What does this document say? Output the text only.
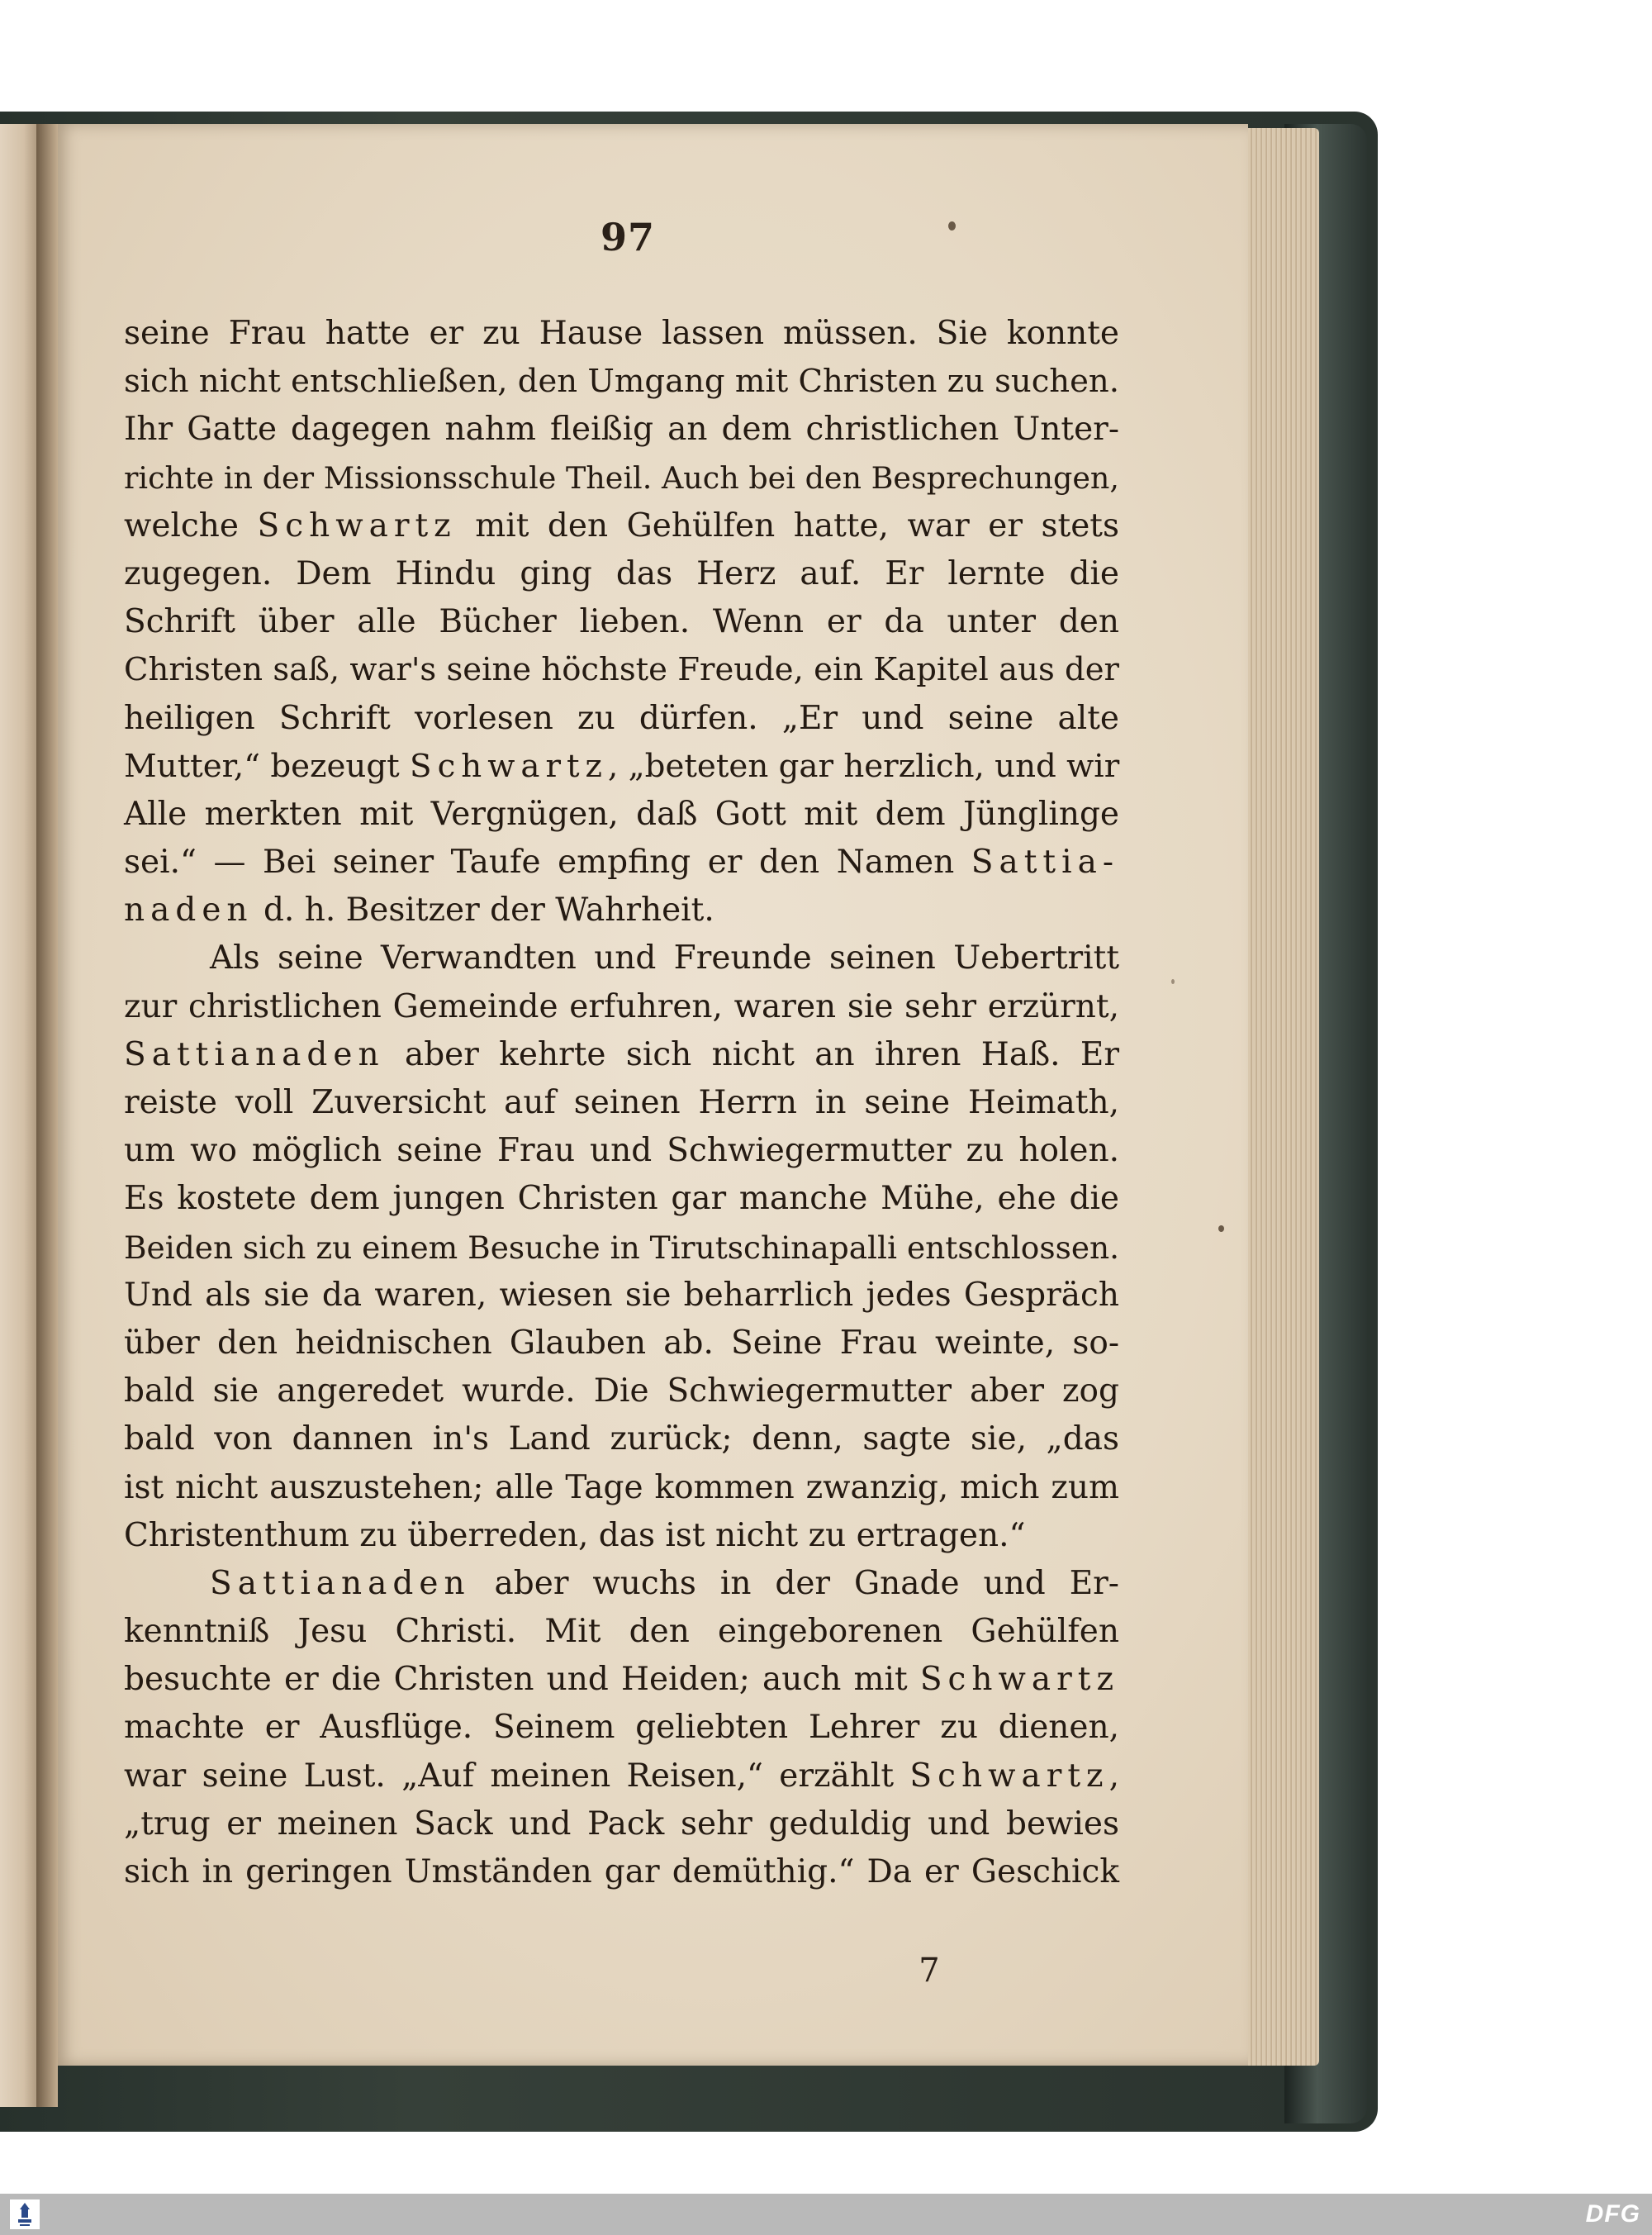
97
seine Frau hatte er zu Hause lassen müssen. Sie konnte
sich nicht entschließen, den Umgang mit Christen zu suchen.
Ihr Gatte dagegen nahm fleißig an dem christlichen Unter-
richte in der Missionsschule Theil. Auch bei den Besprechungen,
welche Schwartz mit den Gehülfen hatte, war er stets
zugegen. Dem Hindu ging das Herz auf. Er lernte die
Schrift über alle Bücher lieben. Wenn er da unter den
Christen saß, war's seine höchste Freude, ein Kapitel aus der
heiligen Schrift vorlesen zu dürfen. „Er und seine alte
Mutter,“ bezeugt Schwartz, „beteten gar herzlich, und wir
Alle merkten mit Vergnügen, daß Gott mit dem Jünglinge
sei.“ — Bei seiner Taufe empfing er den Namen Sattia-
naden d. h. Besitzer der Wahrheit.
Als seine Verwandten und Freunde seinen Uebertritt
zur christlichen Gemeinde erfuhren, waren sie sehr erzürnt,
Sattianaden aber kehrte sich nicht an ihren Haß. Er
reiste voll Zuversicht auf seinen Herrn in seine Heimath,
um wo möglich seine Frau und Schwiegermutter zu holen.
Es kostete dem jungen Christen gar manche Mühe, ehe die
Beiden sich zu einem Besuche in Tirutschinapalli entschlossen.
Und als sie da waren, wiesen sie beharrlich jedes Gespräch
über den heidnischen Glauben ab. Seine Frau weinte, so-
bald sie angeredet wurde. Die Schwiegermutter aber zog
bald von dannen in's Land zurück; denn, sagte sie, „das
ist nicht auszustehen; alle Tage kommen zwanzig, mich zum
Christenthum zu überreden, das ist nicht zu ertragen.“
Sattianaden aber wuchs in der Gnade und Er-
kenntniß Jesu Christi. Mit den eingeborenen Gehülfen
besuchte er die Christen und Heiden; auch mit Schwartz
machte er Ausflüge. Seinem geliebten Lehrer zu dienen,
war seine Lust. „Auf meinen Reisen,“ erzählt Schwartz,
„trug er meinen Sack und Pack sehr geduldig und bewies
sich in geringen Umständen gar demüthig.“ Da er Geschick
7
DFG
